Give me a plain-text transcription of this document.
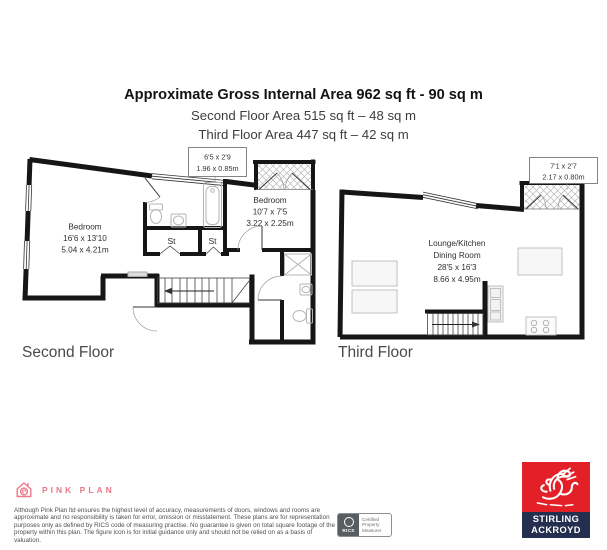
Approximate Gross Internal Area 962 sq ft - 90 sq m
Second Floor Area 515 sq ft – 48 sq m
Third Floor Area 447 sq ft – 42 sq m
6'5 x 2'9
1.96 x 0.85m
Bedroom
16'6 x 13'10
5.04 x 4.21m
Bedroom
10'7 x 7'5
3.22 x 2.25m
St	St
7'1 x 2'7
2.17 x 0.80m
Lounge/Kitchen
Dining Room
28'5 x 16'3
8.66 x 4.95m
Second Floor	Third Floor
PINK PLAN
Although Pink Plan ltd ensures the highest level of accuracy, measurements of doors, windows and rooms are
approximate and no responsibility is taken for error, omission or misstatement. These plans are for representation
purposes only as defined by RICS code of measuring practise. No guarantee is given on total square footage of the
property within this plan. The figure icon is for initial guidance only and should not be relied on as a basis of valuation.
RICS
Certified
Property
Measurer
STIRLING
ACKROYD
